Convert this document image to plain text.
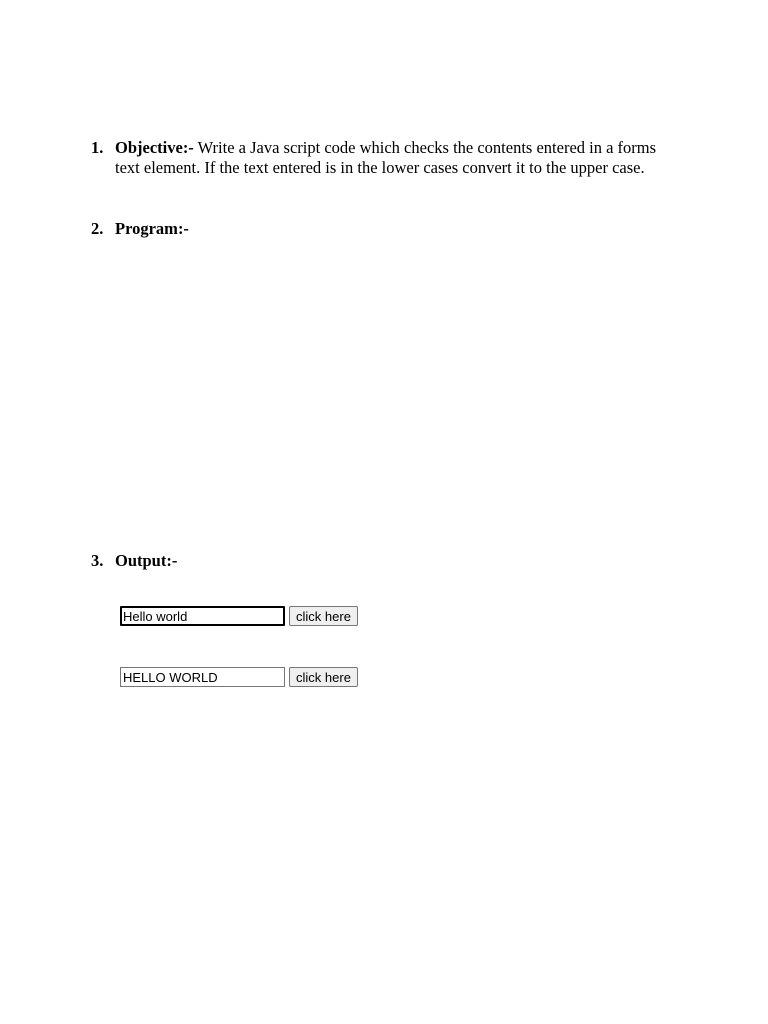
1. Objective:- Write a Java script code which checks the contents entered in a forms text element. If the text entered is in the lower cases convert it to the upper case.
2. Program:-
3. Output:-
Hello world
click here
HELLO WORLD
click here
